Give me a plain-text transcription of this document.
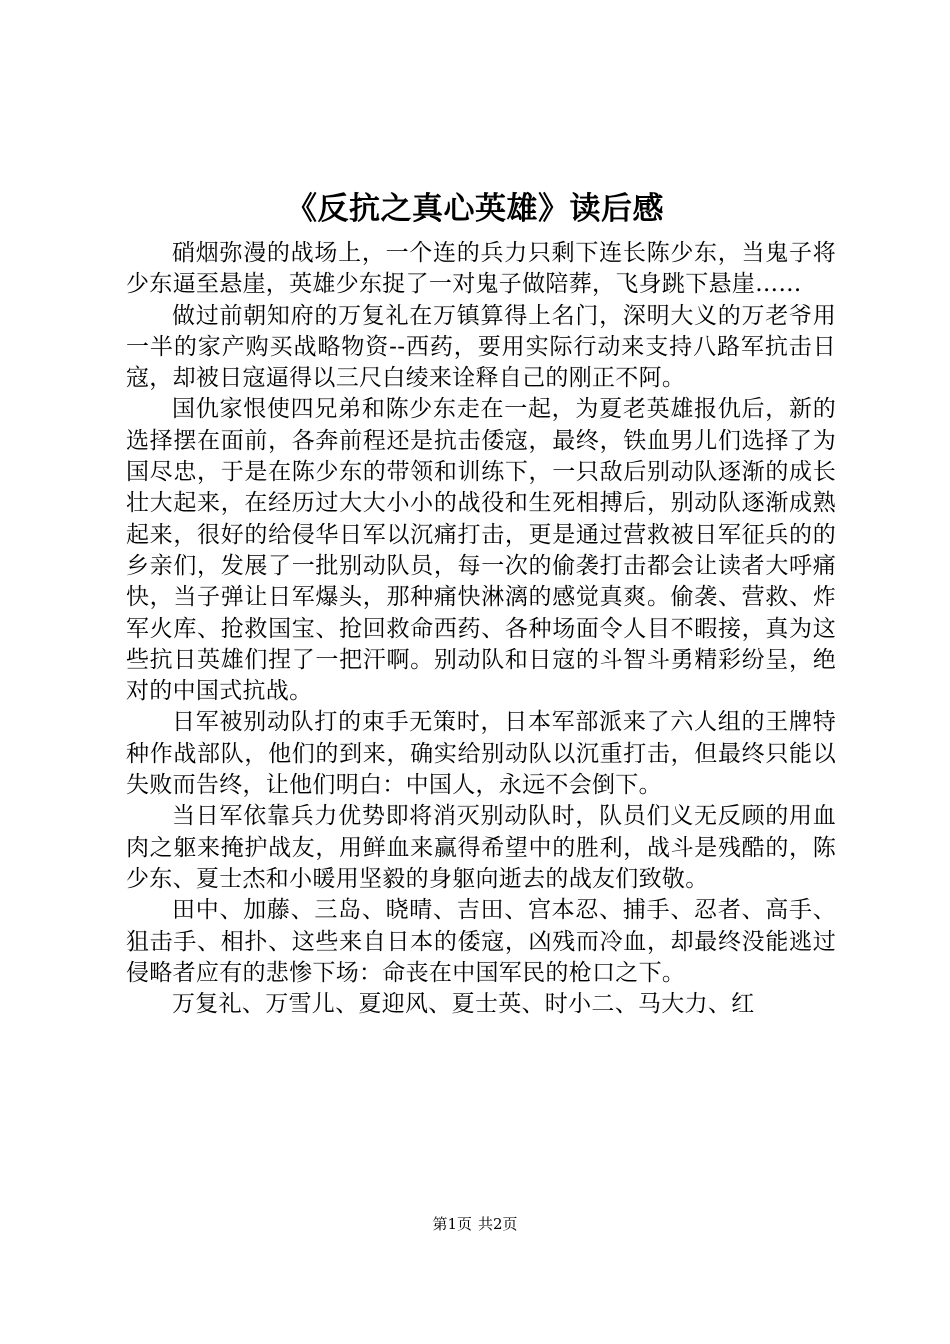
《反抗之真心英雄》读后感

硝烟弥漫的战场上，一个连的兵力只剩下连长陈少东，当鬼子将少东逼至悬崖，英雄少东捉了一对鬼子做陪葬，飞身跳下悬崖……

做过前朝知府的万复礼在万镇算得上名门，深明大义的万老爷用一半的家产购买战略物资--西药，要用实际行动来支持八路军抗击日寇，却被日寇逼得以三尺白绫来诠释自己的刚正不阿。

国仇家恨使四兄弟和陈少东走在一起，为夏老英雄报仇后，新的选择摆在面前，各奔前程还是抗击倭寇，最终，铁血男儿们选择了为国尽忠，于是在陈少东的带领和训练下，一只敌后别动队逐渐的成长壮大起来，在经历过大大小小的战役和生死相搏后，别动队逐渐成熟起来，很好的给侵华日军以沉痛打击，更是通过营救被日军征兵的的乡亲们，发展了一批别动队员，每一次的偷袭打击都会让读者大呼痛快，当子弹让日军爆头，那种痛快淋漓的感觉真爽。偷袭、营救、炸军火库、抢救国宝、抢回救命西药、各种场面令人目不暇接，真为这些抗日英雄们捏了一把汗啊。别动队和日寇的斗智斗勇精彩纷呈，绝对的中国式抗战。

日军被别动队打的束手无策时，日本军部派来了六人组的王牌特种作战部队，他们的到来，确实给别动队以沉重打击，但最终只能以失败而告终，让他们明白：中国人，永远不会倒下。

当日军依靠兵力优势即将消灭别动队时，队员们义无反顾的用血肉之躯来掩护战友，用鲜血来赢得希望中的胜利，战斗是残酷的，陈少东、夏士杰和小暖用坚毅的身躯向逝去的战友们致敬。

田中、加藤、三岛、晓晴、吉田、宫本忍、捕手、忍者、高手、狙击手、相扑、这些来自日本的倭寇，凶残而冷血，却最终没能逃过侵略者应有的悲惨下场：命丧在中国军民的枪口之下。

万复礼、万雪儿、夏迎风、夏士英、时小二、马大力、红

第1页 共2页
